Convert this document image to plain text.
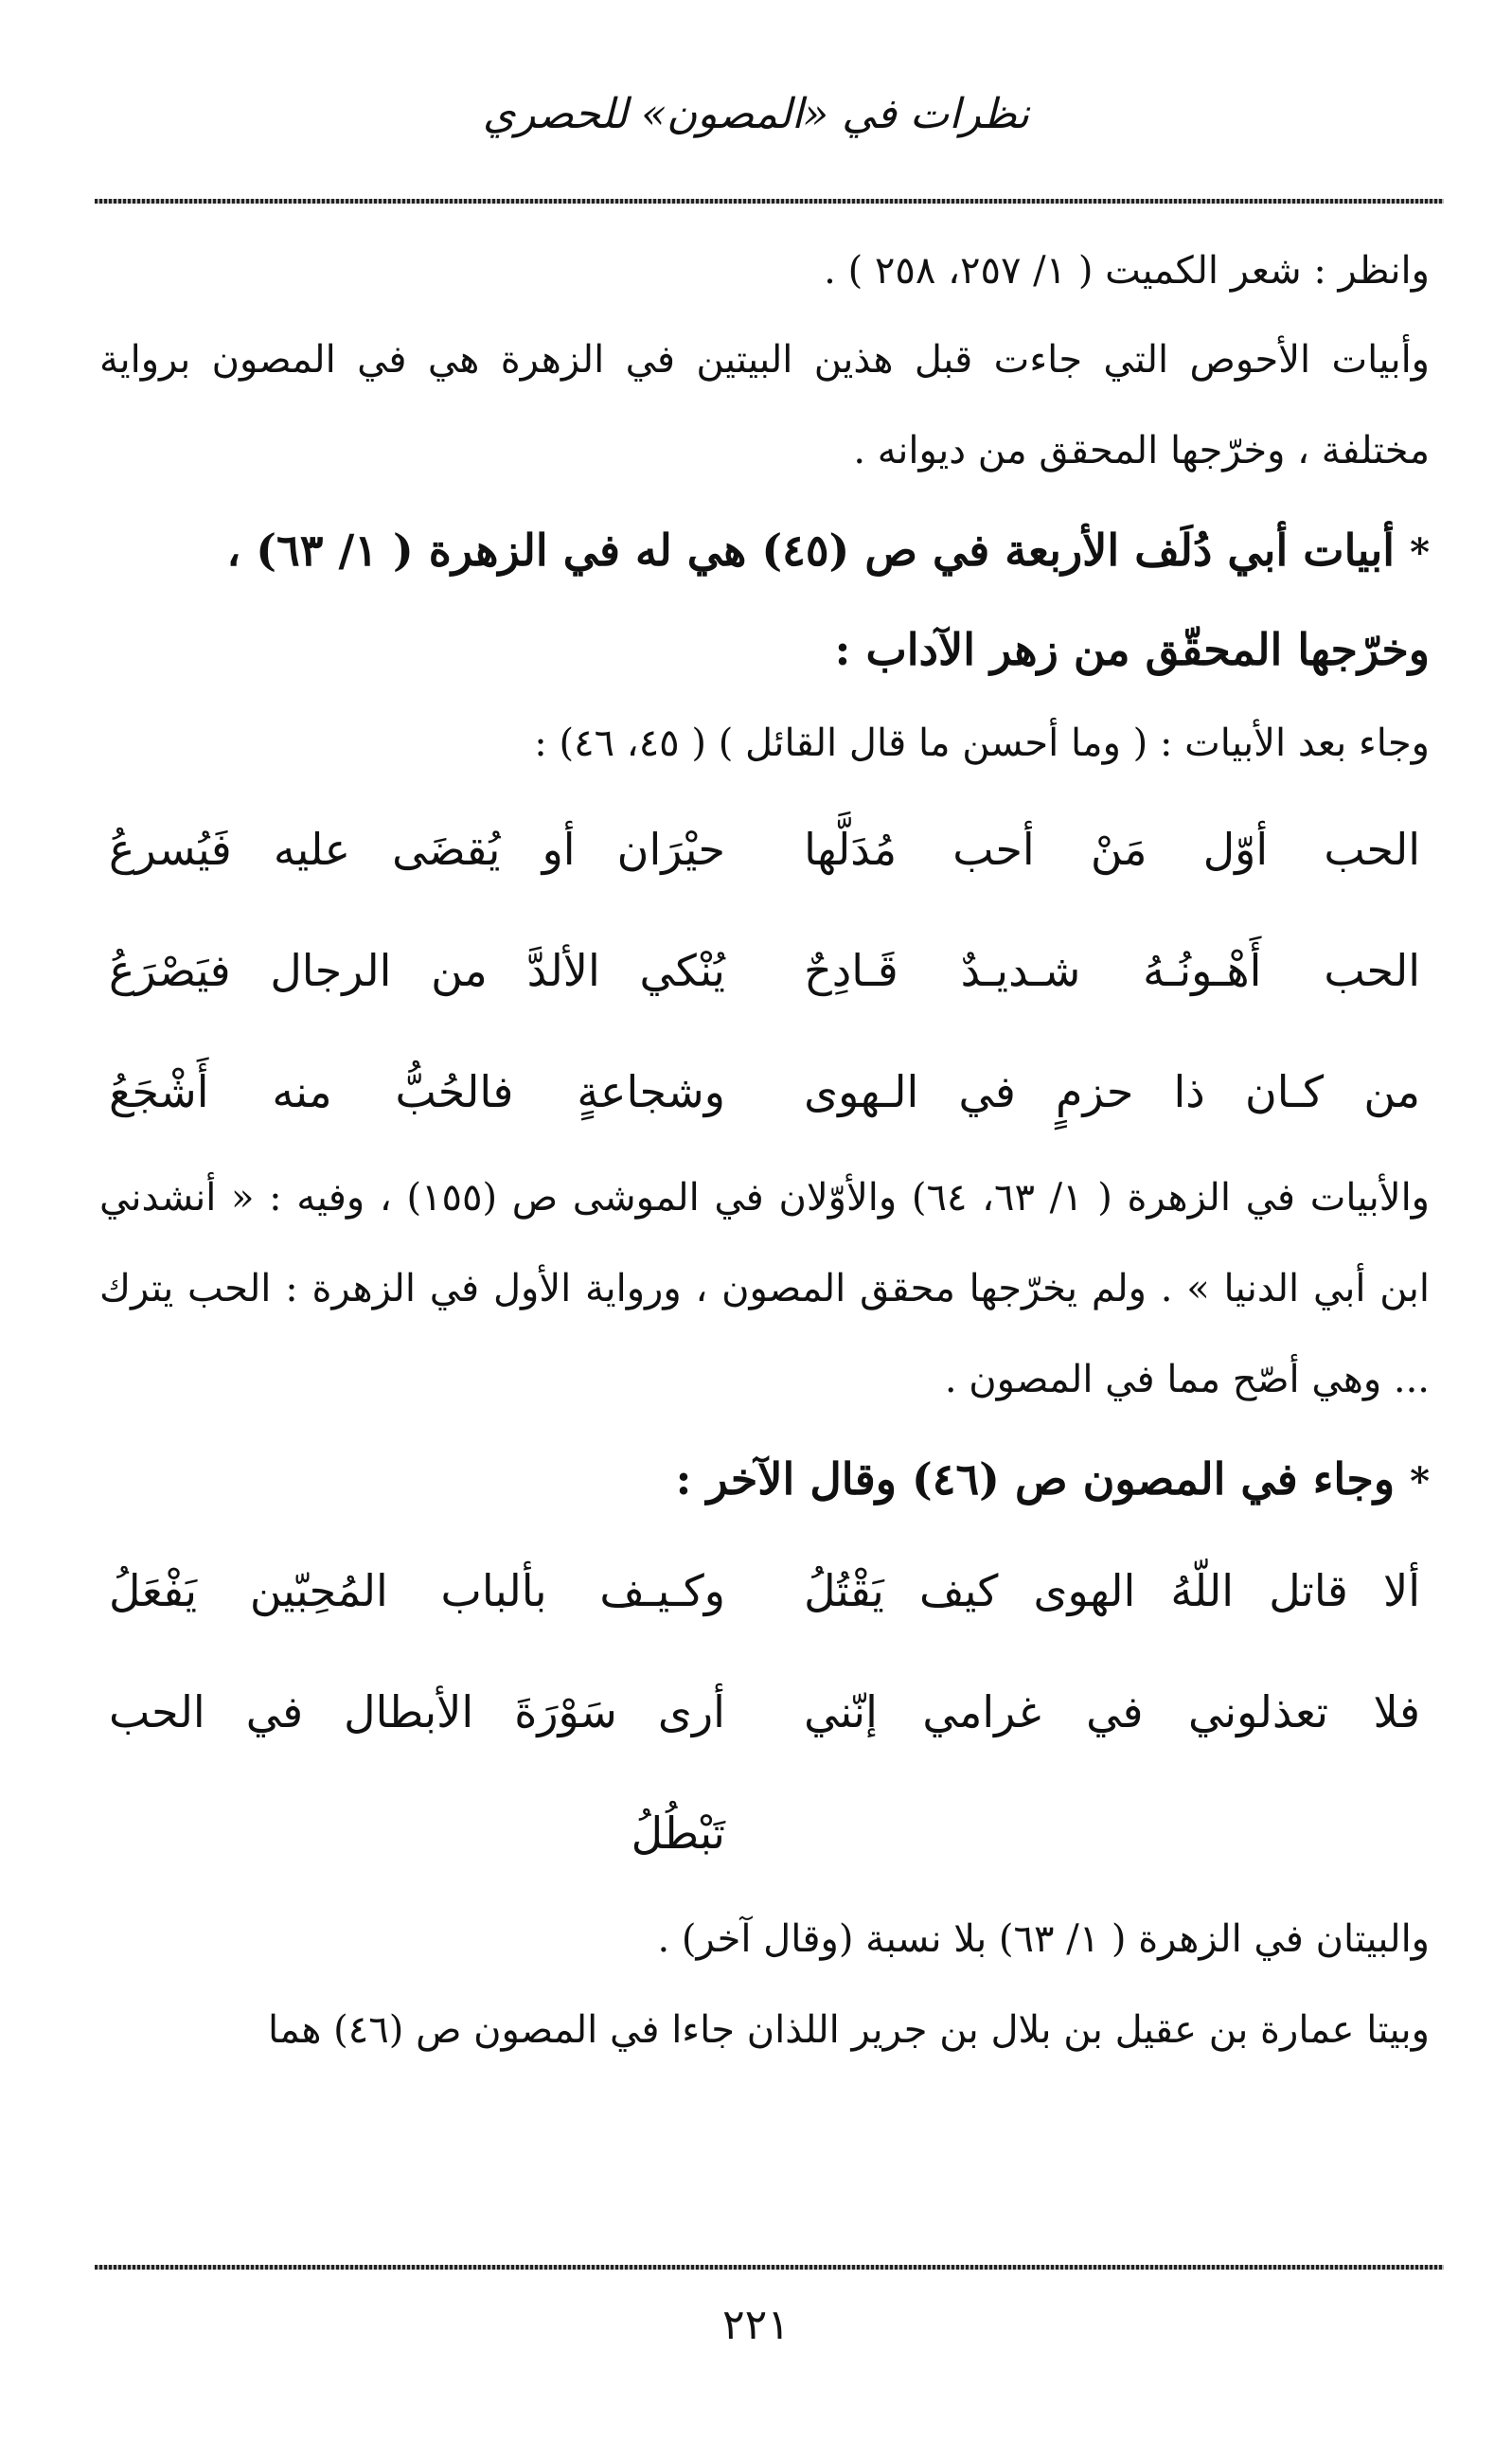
نظرات في «المصون» للحصري

وانظر : شعر الكميت ( ١/ ٢٥٧، ٢٥٨ ) .

وأبيات الأحوص التي جاءت قبل هذين البيتين في الزهرة هي في المصون برواية مختلفة ، وخرّجها المحقق من ديوانه .

* أبيات أبي دُلَف الأربعة في ص (٤٥) هي له في الزهرة ( ١/ ٦٣) ، وخرّجها المحقّق من زهر الآداب :

وجاء بعد الأبيات : ( وما أحسن ما قال القائل ) ( ٤٥، ٤٦) :

الحب أوّل مَنْ أحب مُدَلَّها
حيْرَان أو يُقضَى عليه فَيُسرعُ
الحب أَهْـونُـهُ شـديـدٌ قَـادِحٌ
يُنْكي الألدَّ من الرجال فيَصْرَعُ
من كـان ذا حزمٍ في الـهوى
وشجاعةٍ فالحُبُّ منه أَشْجَعُ

والأبيات في الزهرة ( ١/ ٦٣، ٦٤) والأوّلان في الموشى ص (١٥٥) ، وفيه : « أنشدني ابن أبي الدنيا » . ولم يخرّجها محقق المصون ، ورواية الأول في الزهرة : الحب يترك ... وهي أصّح مما في المصون .

* وجاء في المصون ص (٤٦) وقال الآخر :

ألا قاتل اللّهُ الهوى كيف يَقْتُلُ
وكـيـف بألباب المُحِبّين يَفْعَلُ
فلا تعذلوني في غرامي إنّني
أرى سَوْرَةَ الأبطال في الحب تَبْطُلُ

والبيتان في الزهرة ( ١/ ٦٣) بلا نسبة (وقال آخر) .

وبيتا عمارة بن عقيل بن بلال بن جرير اللذان جاءا في المصون ص (٤٦) هما

٢٢١
